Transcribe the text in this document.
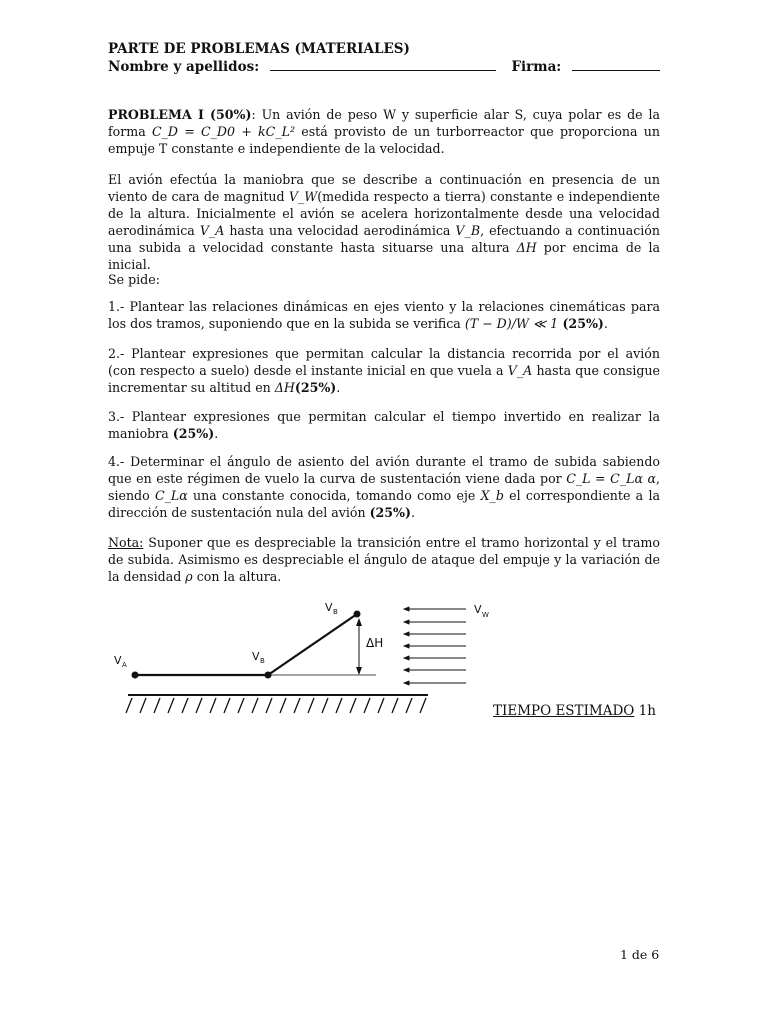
PARTE DE PROBLEMAS (MATERIALES)
Nombre y apellidos:	Firma:

PROBLEMA I (50%): Un avión de peso W y superficie alar S, cuya polar es de la forma C_D = C_D0 + kC_L² está provisto de un turborreactor que proporciona un empuje T constante e independiente de la velocidad.

El avión efectúa la maniobra que se describe a continuación en presencia de un viento de cara de magnitud V_W(medida respecto a tierra) constante e independiente de la altura. Inicialmente el avión se acelera horizontalmente desde una velocidad aerodinámica V_A hasta una velocidad aerodinámica V_B, efectuando a continuación una subida a velocidad constante hasta situarse una altura ΔH por encima de la inicial.

Se pide:

1.- Plantear las relaciones dinámicas en ejes viento y la relaciones cinemáticas para los dos tramos, suponiendo que en la subida se verifica (T − D)/W ≪ 1 (25%).

2.- Plantear expresiones que permitan calcular la distancia recorrida por el avión (con respecto a suelo) desde el instante inicial en que vuela a V_A hasta que consigue incrementar su altitud en ΔH(25%).

3.- Plantear expresiones que permitan calcular el tiempo invertido en realizar la maniobra (25%).

4.- Determinar el ángulo de asiento del avión durante el tramo de subida sabiendo que en este régimen de vuelo la curva de sustentación viene dada por C_L = C_Lα α, siendo C_Lα una constante conocida, tomando como eje X_b el correspondiente a la dirección de sustentación nula del avión (25%).

Nota: Suponer que es despreciable la transición entre el tramo horizontal y el tramo de subida. Asimismo es despreciable el ángulo de ataque del empuje y la variación de la densidad ρ con la altura.

V A
V B
V B
ΔH
V W
TIEMPO ESTIMADO 1h
1 de 6
